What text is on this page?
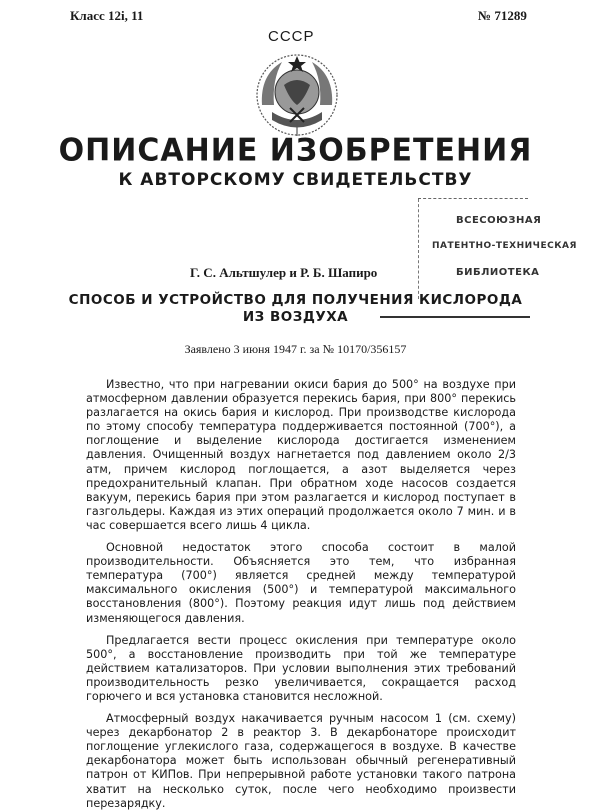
Класс 12i, 11	№ 71289
СССР
ОПИСАНИЕ ИЗОБРЕТЕНИЯ
К АВТОРСКОМУ СВИДЕТЕЛЬСТВУ
ВСЕСОЮЗНАЯ
ПАТЕНТНО-ТЕХНИЧЕСКАЯ
БИБЛИОТЕКА
Г. С. Альтшулер и Р. Б. Шапиро
СПОСОБ И УСТРОЙСТВО ДЛЯ ПОЛУЧЕНИЯ КИСЛОРОДА
ИЗ ВОЗДУХА
Заявлено 3 июня 1947 г. за № 10170/356157

Известно, что при нагревании окиси бария до 500° на воздухе при атмосферном давлении образуется перекись бария, при 800° перекись разлагается на окись бария и кислород. При производстве кислорода по этому способу температура поддерживается постоянной (700°), а поглощение и выделение кислорода достигается изменением давления. Очищенный воздух нагнетается под давлением около 2/3 атм, причем кислород поглощается, а азот выделяется через предохранительный клапан. При обратном ходе насосов создается вакуум, перекись бария при этом разлагается и кислород поступает в газгольдеры. Каждая из этих операций продолжается около 7 мин. и в час совершается всего лишь 4 цикла.

Основной недостаток этого способа состоит в малой производительности. Объясняется это тем, что избранная температура (700°) является средней между температурой максимального окисления (500°) и температурой максимального восстановления (800°). Поэтому реакция идут лишь под действием изменяющегося давления.

Предлагается вести процесс окисления при температуре около 500°, а восстановление производить при той же температуре действием катализаторов. При условии выполнения этих требований производительность резко увеличивается, сокращается расход горючего и вся установка становится несложной.

Атмосферный воздух накачивается ручным насосом 1 (см. схему) через декарбонатор 2 в реактор 3. В декарбонаторе происходит поглощение углекислого газа, содержащегося в воздухе. В качестве декарбонатора может быть использован обычный регенеративный патрон от КИПов. При непрерывной работе установки такого патрона хватит на несколько суток, после чего необходимо произвести перезарядку.
